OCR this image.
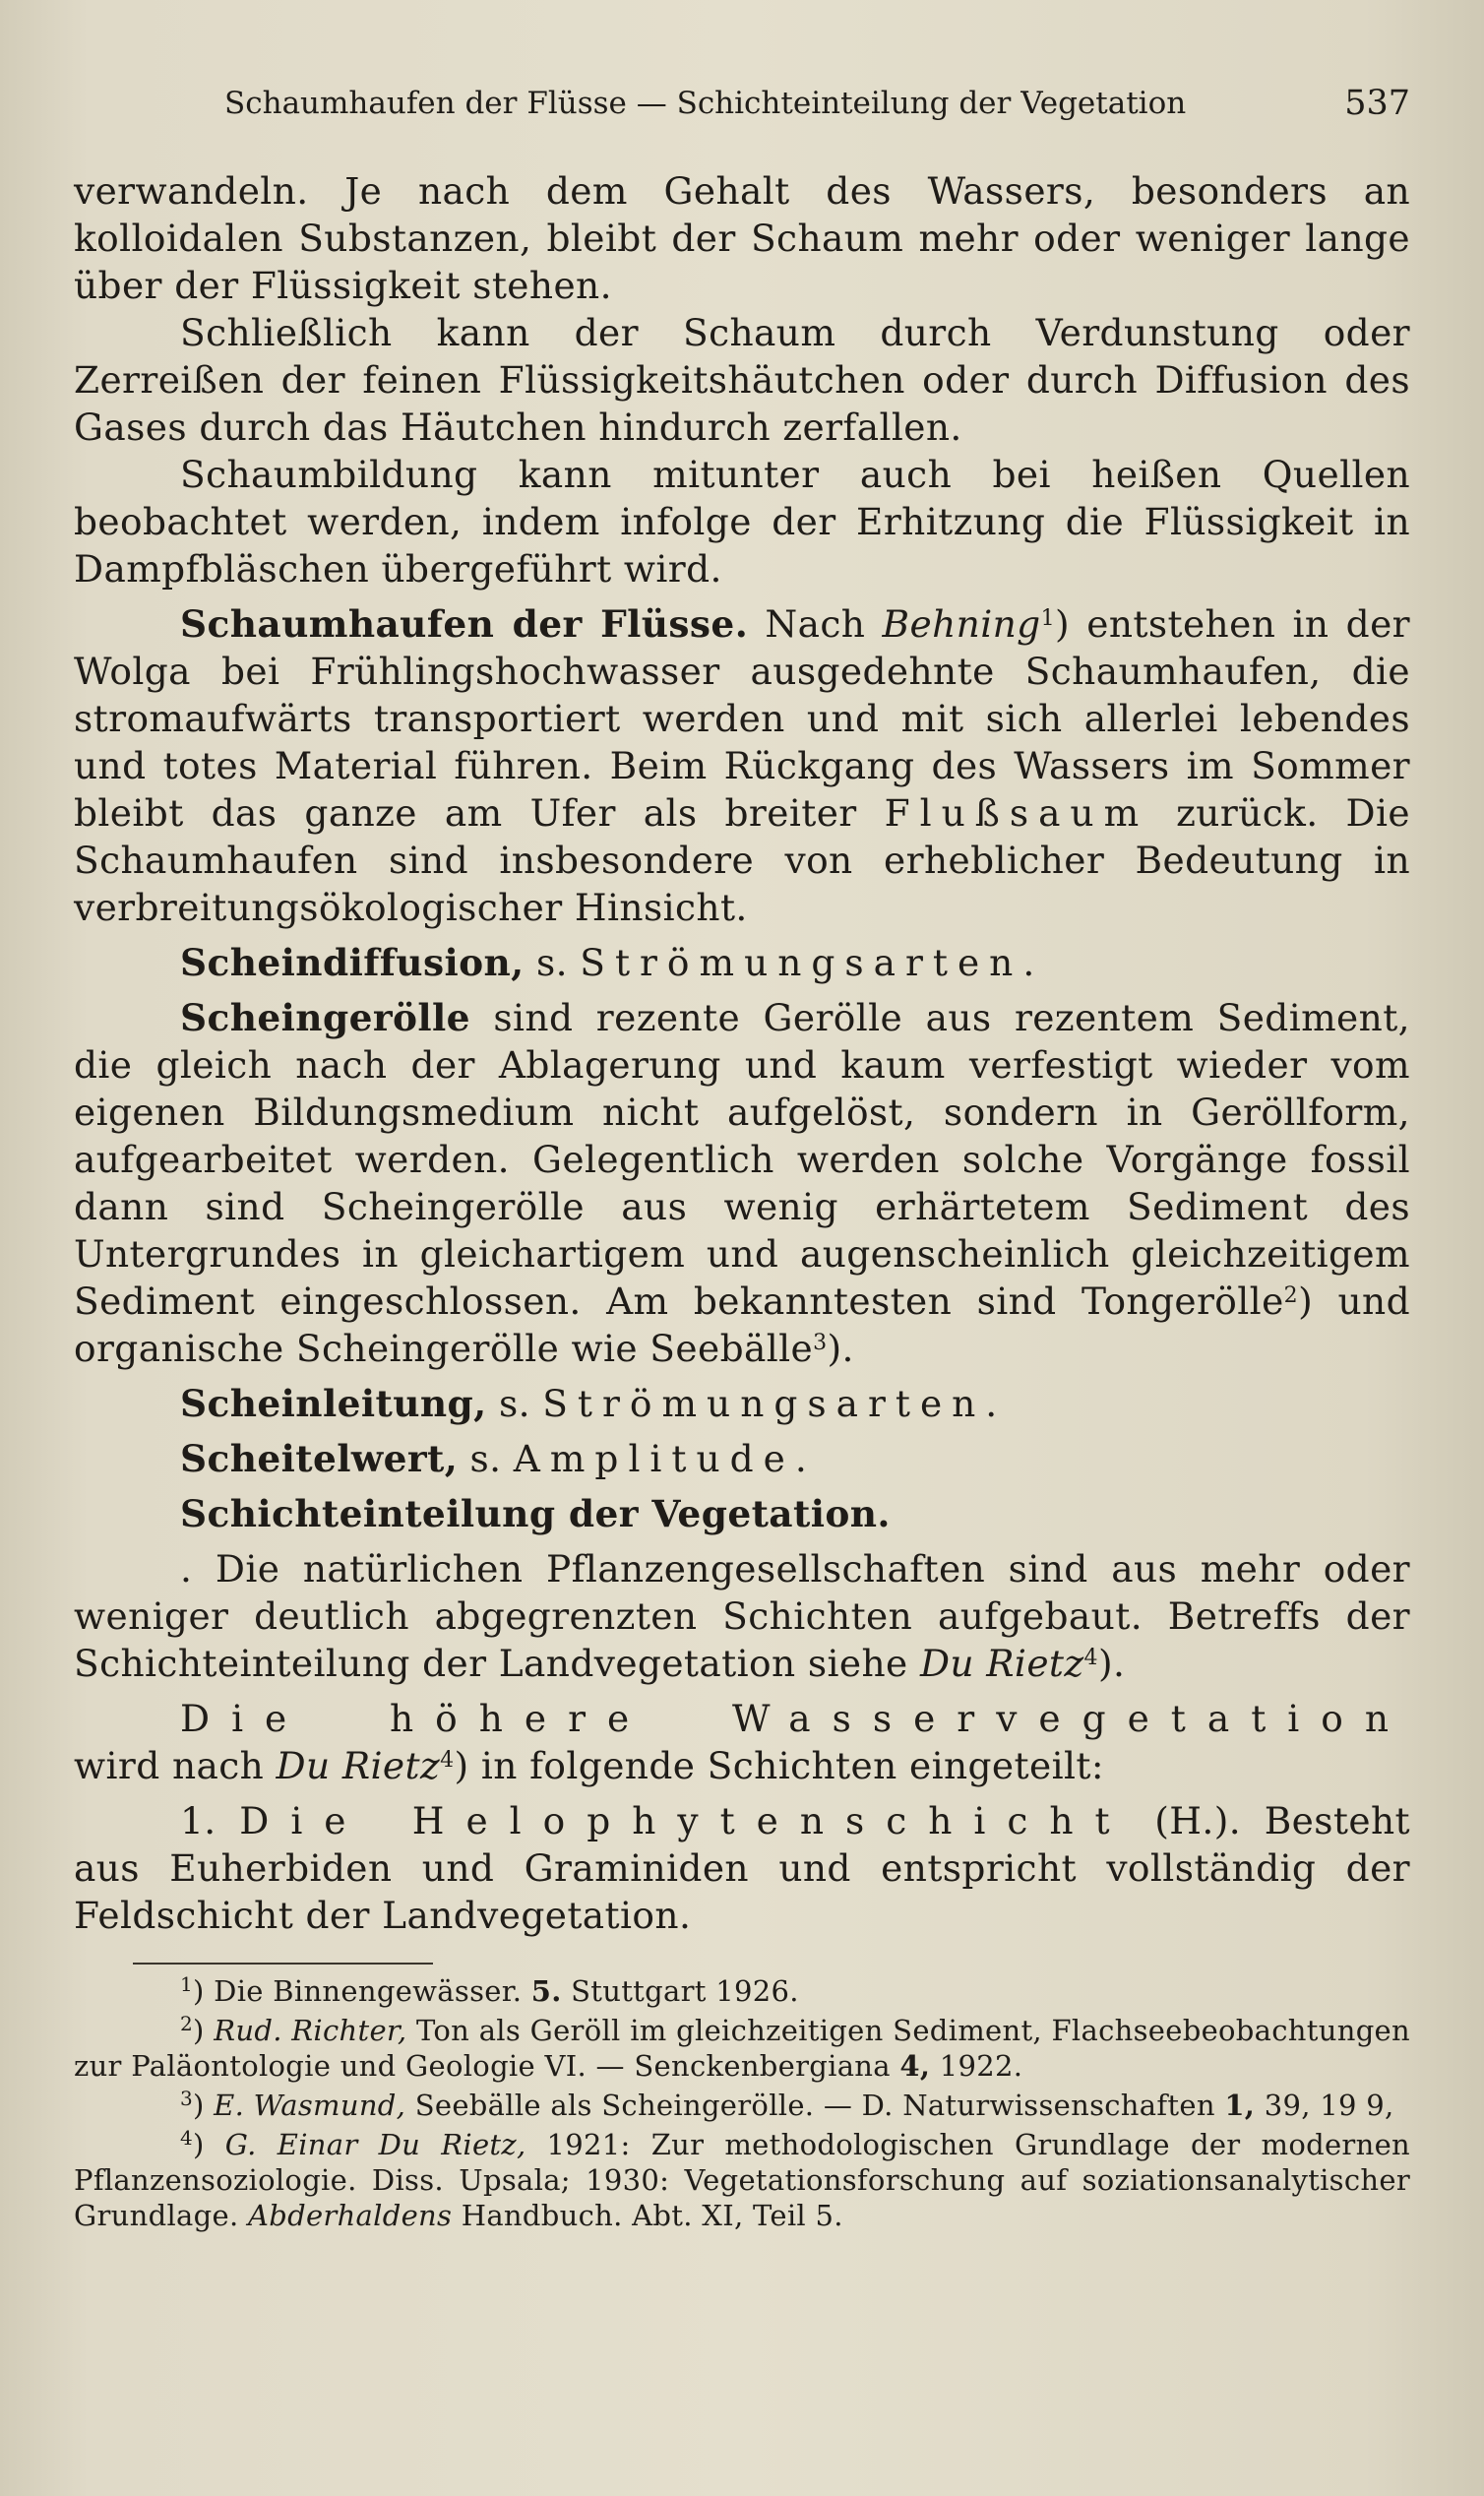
Schaumhaufen der Flüsse — Schichteinteilung der Vegetation	537

verwandeln. Je nach dem Gehalt des Wassers, besonders an kolloidalen Substanzen, bleibt der Schaum mehr oder weniger lange über der Flüssigkeit stehen.

Schließlich kann der Schaum durch Verdunstung oder Zerreißen der feinen Flüssigkeitshäutchen oder durch Diffusion des Gases durch das Häutchen hindurch zerfallen.

Schaumbildung kann mitunter auch bei heißen Quellen beobachtet werden, indem infolge der Erhitzung die Flüssigkeit in Dampfbläschen übergeführt wird.

Schaumhaufen der Flüsse. Nach Behning$^1$) entstehen in der Wolga bei Frühlingshochwasser ausgedehnte Schaumhaufen, die stromaufwärts transportiert werden und mit sich allerlei lebendes und totes Material führen. Beim Rückgang des Wassers im Sommer bleibt das ganze am Ufer als breiter Flußsaum zurück. Die Schaumhaufen sind insbesondere von erheblicher Bedeutung in verbreitungsökologischer Hinsicht.

Scheindiffusion, s. Strömungsarten.

Scheingerölle sind rezente Gerölle aus rezentem Sediment, die gleich nach der Ablagerung und kaum verfestigt wieder vom eigenen Bildungsmedium nicht aufgelöst, sondern in Geröllform, aufgearbeitet werden. Gelegentlich werden solche Vorgänge fossil dann sind Scheingerölle aus wenig erhärtetem Sediment des Untergrundes in gleichartigem und augenscheinlich gleichzeitigem Sediment eingeschlossen. Am bekanntesten sind Tongerölle$^2$) und organische Scheingerölle wie Seebälle$^3$).

Scheinleitung, s. Strömungsarten.

Scheitelwert, s. Amplitude.

Schichteinteilung der Vegetation.

. Die natürlichen Pflanzengesellschaften sind aus mehr oder weniger deutlich abgegrenzten Schichten aufgebaut. Betreffs der Schichteinteilung der Landvegetation siehe Du Rietz$^4$).

Die höhere Wasservegetation wird nach Du Rietz$^4$) in folgende Schichten eingeteilt:

1. Die Helophytenschicht (H.). Besteht aus Euherbiden und Graminiden und entspricht vollständig der Feldschicht der Landvegetation.

$^1$) Die Binnengewässer. 5. Stuttgart 1926.

$^2$) Rud. Richter, Ton als Geröll im gleichzeitigen Sediment, Flachseebeobachtungen zur Paläontologie und Geologie VI. — Senckenbergiana 4, 1922.

$^3$) E. Wasmund, Seebälle als Scheingerölle. — D. Naturwissenschaften 1, 39, 19 9,

$^4$) G. Einar Du Rietz, 1921: Zur methodologischen Grundlage der modernen Pflanzensoziologie. Diss. Upsala; 1930: Vegetationsforschung auf soziationsanalytischer Grundlage. Abderhaldens Handbuch. Abt. XI, Teil 5.
